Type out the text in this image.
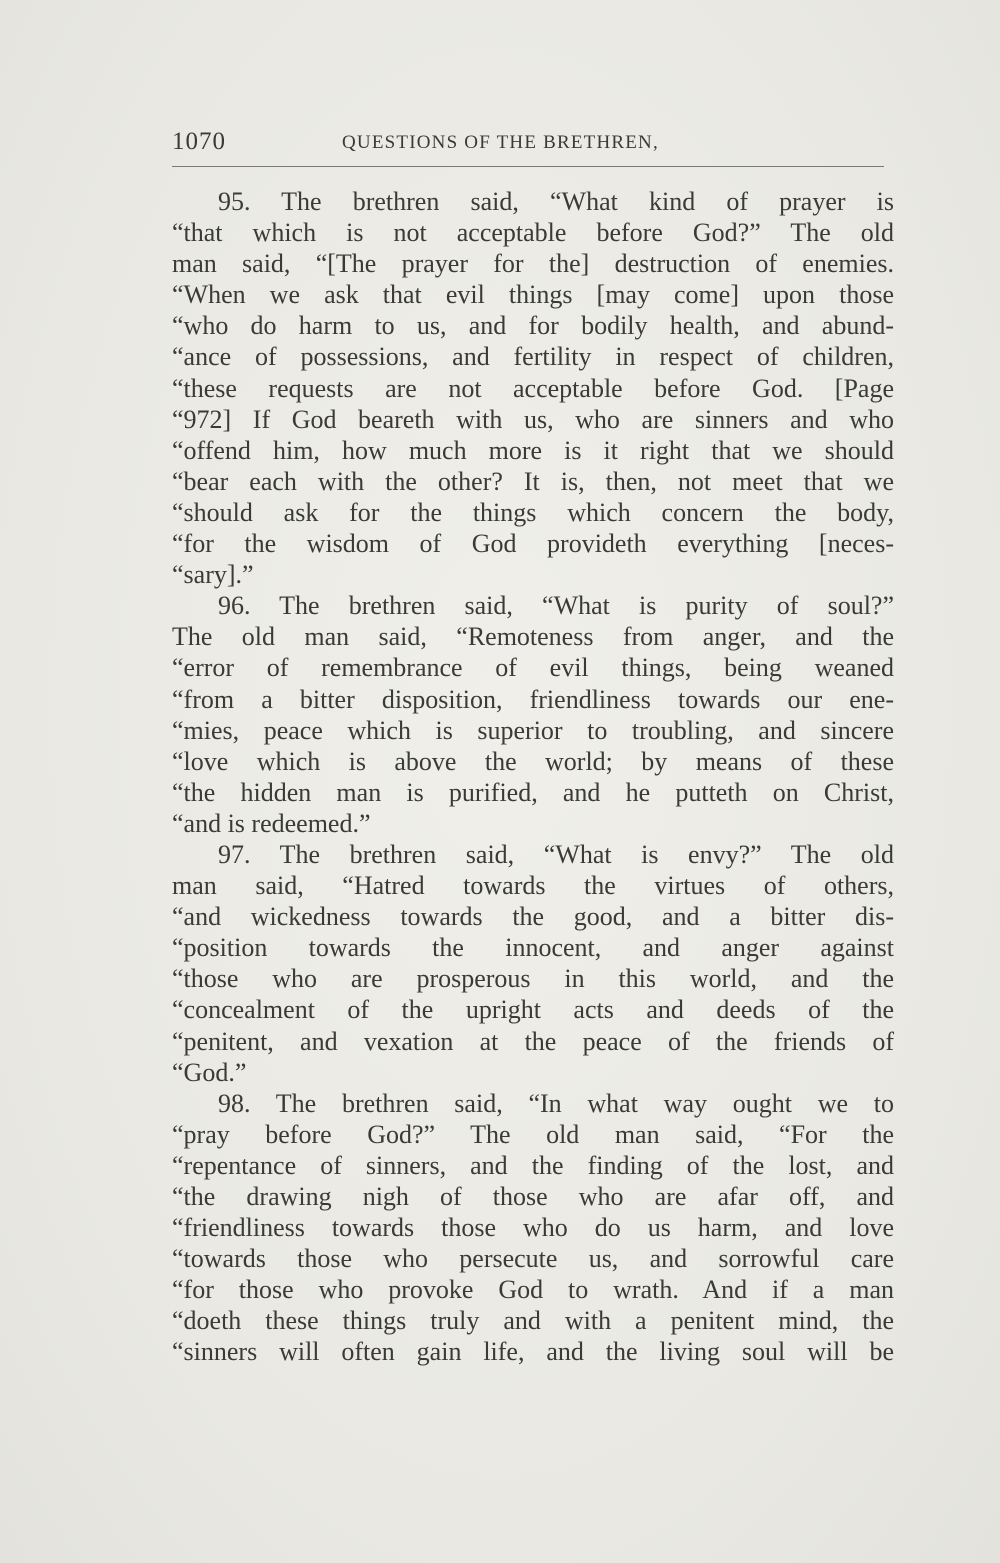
1070	QUESTIONS OF THE BRETHREN,
95. The brethren said, “What kind of prayer is
“that which is not acceptable before God?” The old
man said, “[The prayer for the] destruction of enemies.
“When we ask that evil things [may come] upon those
“who do harm to us, and for bodily health, and abund-
“ance of possessions, and fertility in respect of children,
“these requests are not acceptable before God. [Page
“972] If God beareth with us, who are sinners and who
“offend him, how much more is it right that we should
“bear each with the other? It is, then, not meet that we
“should ask for the things which concern the body,
“for the wisdom of God provideth everything [neces-
“sary].”
96. The brethren said, “What is purity of soul?”
The old man said, “Remoteness from anger, and the
“error of remembrance of evil things, being weaned
“from a bitter disposition, friendliness towards our ene-
“mies, peace which is superior to troubling, and sincere
“love which is above the world; by means of these
“the hidden man is purified, and he putteth on Christ,
“and is redeemed.”
97. The brethren said, “What is envy?” The old
man said, “Hatred towards the virtues of others,
“and wickedness towards the good, and a bitter dis-
“position towards the innocent, and anger against
“those who are prosperous in this world, and the
“concealment of the upright acts and deeds of the
“penitent, and vexation at the peace of the friends of
“God.”
98. The brethren said, “In what way ought we to
“pray before God?” The old man said, “For the
“repentance of sinners, and the finding of the lost, and
“the drawing nigh of those who are afar off, and
“friendliness towards those who do us harm, and love
“towards those who persecute us, and sorrowful care
“for those who provoke God to wrath. And if a man
“doeth these things truly and with a penitent mind, the
“sinners will often gain life, and the living soul will be
